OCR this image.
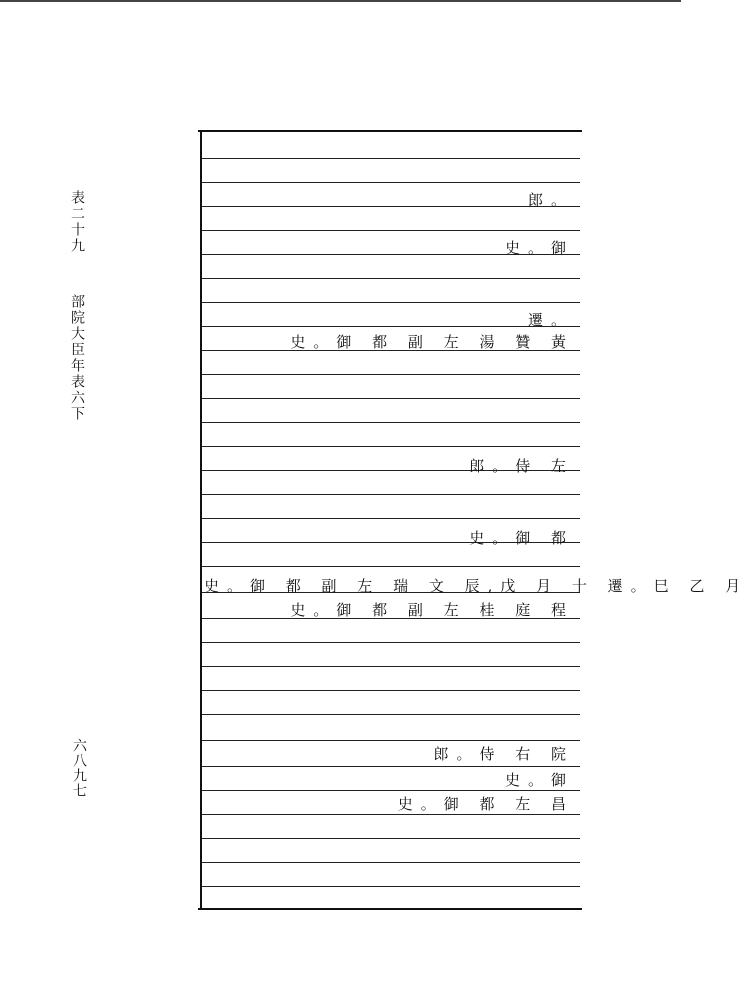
表二十九 部院大臣年表六下
六八九七
郎。
史。御
遷。
史。御 都 副 左 湯 贊 黃
郎。侍 左
史。御 都
史。御 都 副 左 瑞 文 辰,戊 月 十 遷。巳 乙 月
史。御 都 副 左 桂 庭 程
郎。侍 右 院
史。御
史。御 都 左 昌
